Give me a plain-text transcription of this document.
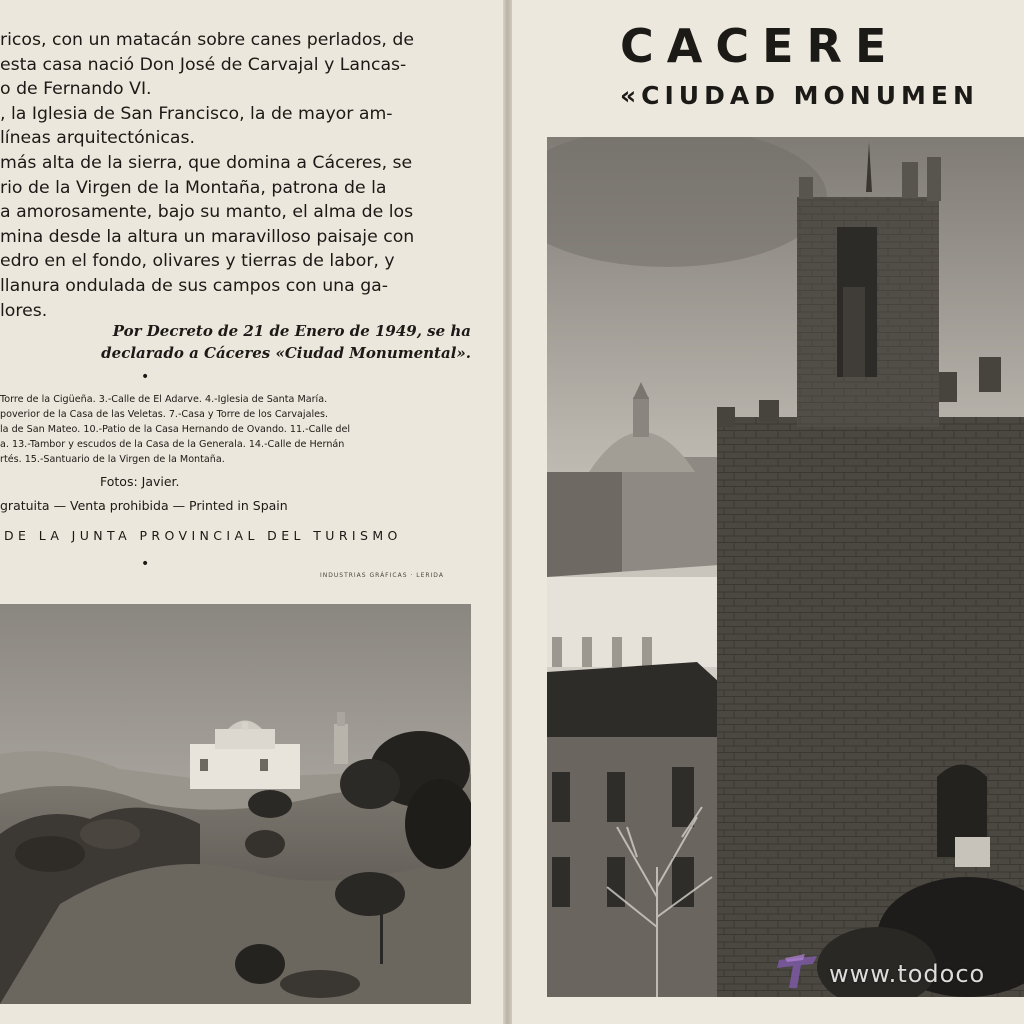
ricos, con un matacán sobre canes perlados, de

esta casa nació Don José de Carvajal y Lancas-

o de Fernando VI.

, la Iglesia de San Francisco, la de mayor am-

líneas arquitectónicas.

más alta de la sierra, que domina a Cáceres, se

rio de la Virgen de la Montaña, patrona de la

a amorosamente, bajo su manto, el alma de los

mina desde la altura un maravilloso paisaje con

edro en el fondo, olivares y tierras de labor, y

llanura ondulada de sus campos con una ga-

lores.

Por Decreto de 21 de Enero de 1949, se ha

declarado a Cáceres «Ciudad Monumental».

•
Torre de la Cigüeña. 3.-Calle de El Adarve. 4.-Iglesia de Santa María.
poverior de la Casa de las Veletas. 7.-Casa y Torre de los Carvajales.
la de San Mateo. 10.-Patio de la Casa Hernando de Ovando. 11.-Calle del
a. 13.-Tambor y escudos de la Casa de la Generala. 14.-Calle de Hernán
rtés. 15.-Santuario de la Virgen de la Montaña.
Fotos: Javier.
gratuita — Venta prohibida — Printed in Spain
DE LA JUNTA PROVINCIAL DEL TURISMO
•
INDUSTRIAS GRÁFICAS · LERIDA
CACERE
«CIUDAD MONUMEN
www.todoco
